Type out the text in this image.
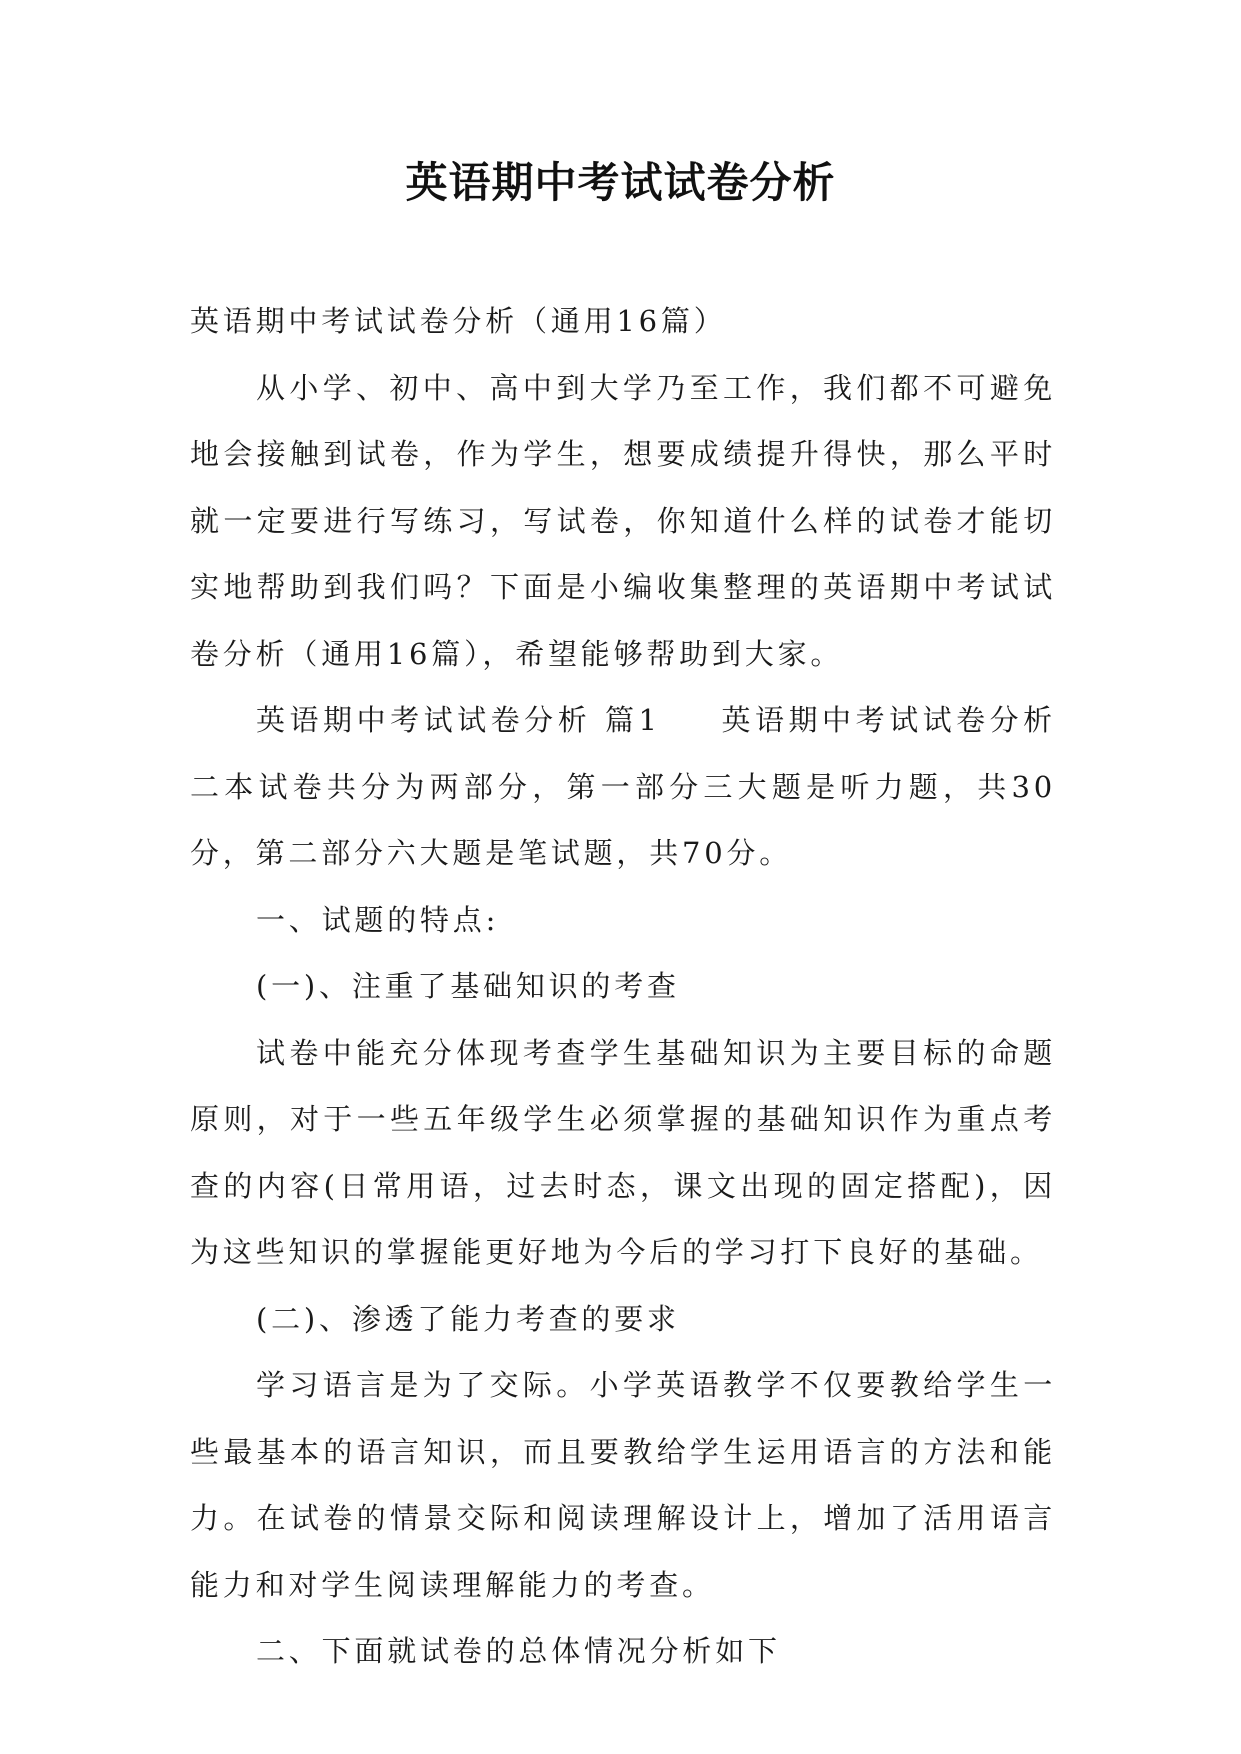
英语期中考试试卷分析

英语期中考试试卷分析（通用16篇）

从小学、初中、高中到大学乃至工作，我们都不可避免地会接触到试卷，作为学生，想要成绩提升得快，那么平时就一定要进行写练习，写试卷，你知道什么样的试卷才能切实地帮助到我们吗？下面是小编收集整理的英语期中考试试卷分析（通用16篇），希望能够帮助到大家。

英语期中考试试卷分析 篇1 英语期中考试试卷分析二本试卷共分为两部分，第一部分三大题是听力题，共30分，第二部分六大题是笔试题，共70分。

一、试题的特点:

(一)、注重了基础知识的考查

试卷中能充分体现考查学生基础知识为主要目标的命题原则，对于一些五年级学生必须掌握的基础知识作为重点考查的内容(日常用语，过去时态，课文出现的固定搭配)，因为这些知识的掌握能更好地为今后的学习打下良好的基础。

(二)、渗透了能力考查的要求

学习语言是为了交际。小学英语教学不仅要教给学生一些最基本的语言知识，而且要教给学生运用语言的方法和能力。在试卷的情景交际和阅读理解设计上，增加了活用语言能力和对学生阅读理解能力的考查。

二、下面就试卷的总体情况分析如下
